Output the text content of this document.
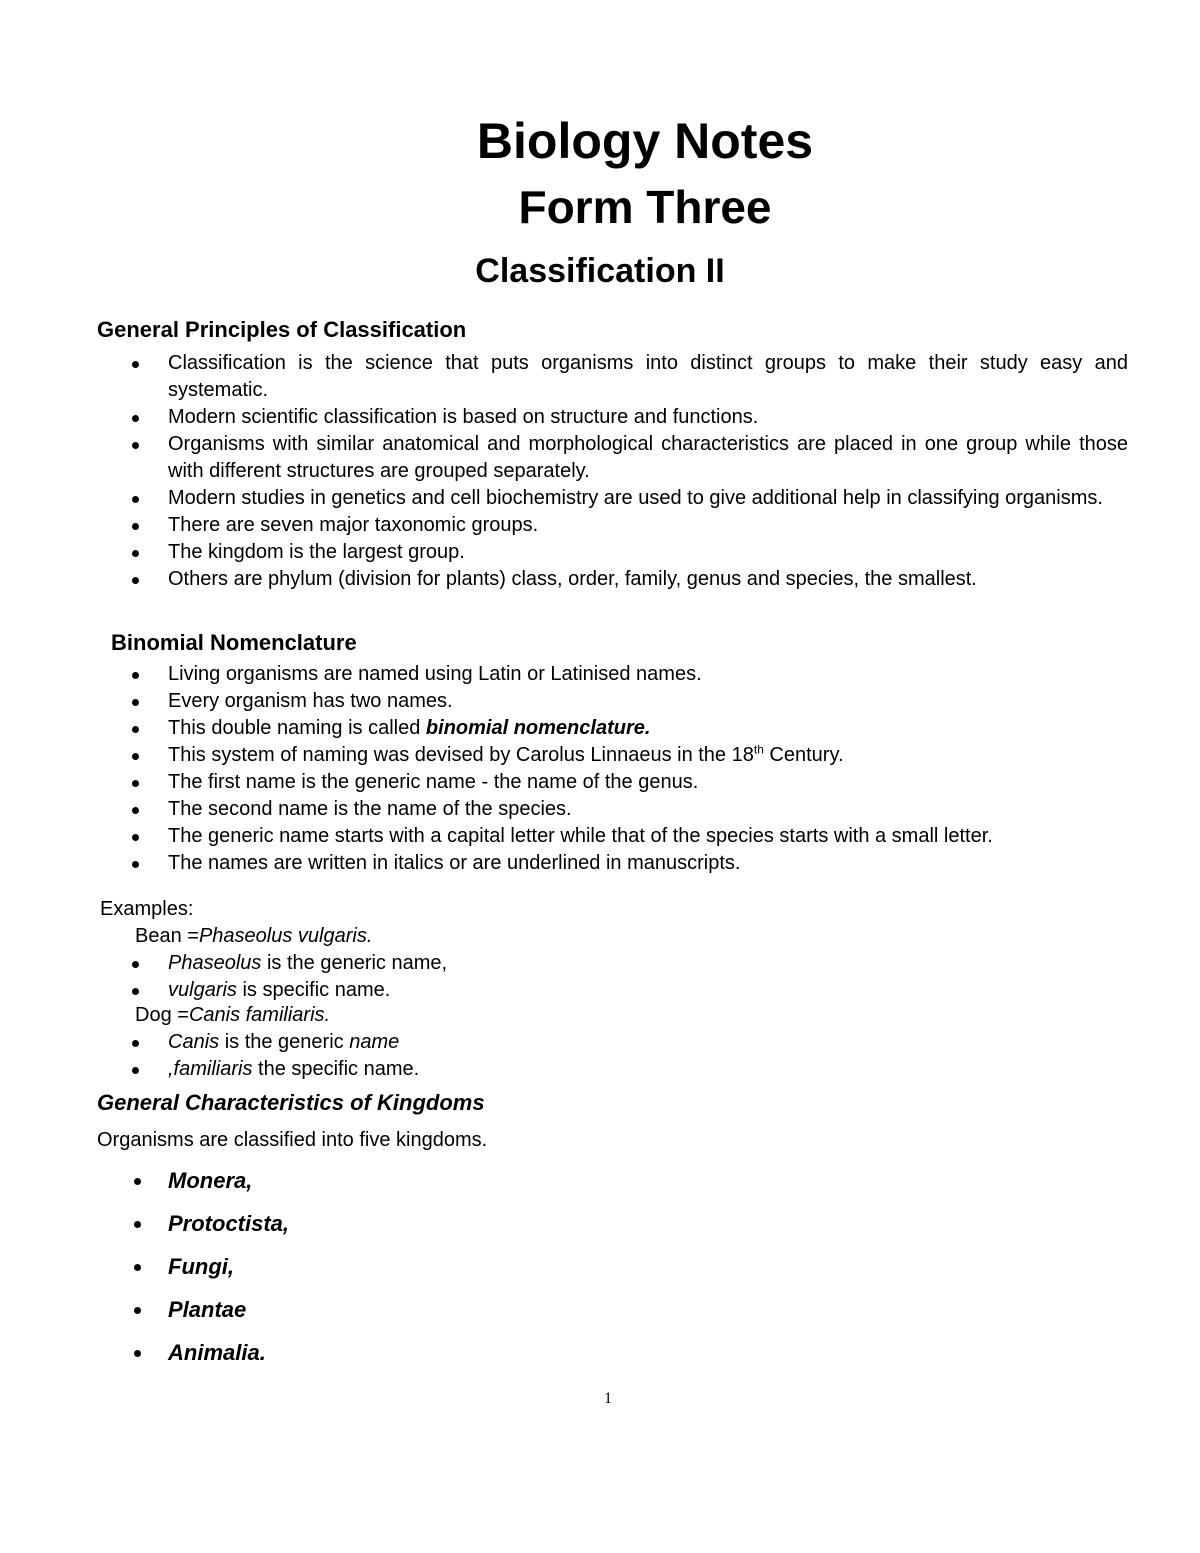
Biology Notes
Form Three
Classification II
General Principles of Classification
Classification is the science that puts organisms into distinct groups to make their study easy and systematic.
Modern scientific classification is based on structure and functions.
Organisms with similar anatomical and morphological characteristics are placed in one group while those with different structures are grouped separately.
Modern studies in genetics and cell biochemistry are used to give additional help in classifying organisms.
There are seven major taxonomic groups.
The kingdom is the largest group.
Others are phylum (division for plants) class, order, family, genus and species, the smallest.
Binomial Nomenclature
Living organisms are named using Latin or Latinised names.
Every organism has two names.
This double naming is called binomial nomenclature.
This system of naming was devised by Carolus Linnaeus in the 18th Century.
The first name is the generic name - the name of the genus.
The second name is the name of the species.
The generic name starts with a capital letter while that of the species starts with a small letter.
The names are written in italics or are underlined in manuscripts.
Examples:
Bean =Phaseolus vulgaris.
Phaseolus is the generic name,
vulgaris is specific name.
Dog =Canis familiaris.
Canis is the generic name
,familiaris the specific name.
General Characteristics of Kingdoms
Organisms are classified into five kingdoms.
Monera,
Protoctista,
Fungi,
Plantae
Animalia.
1
